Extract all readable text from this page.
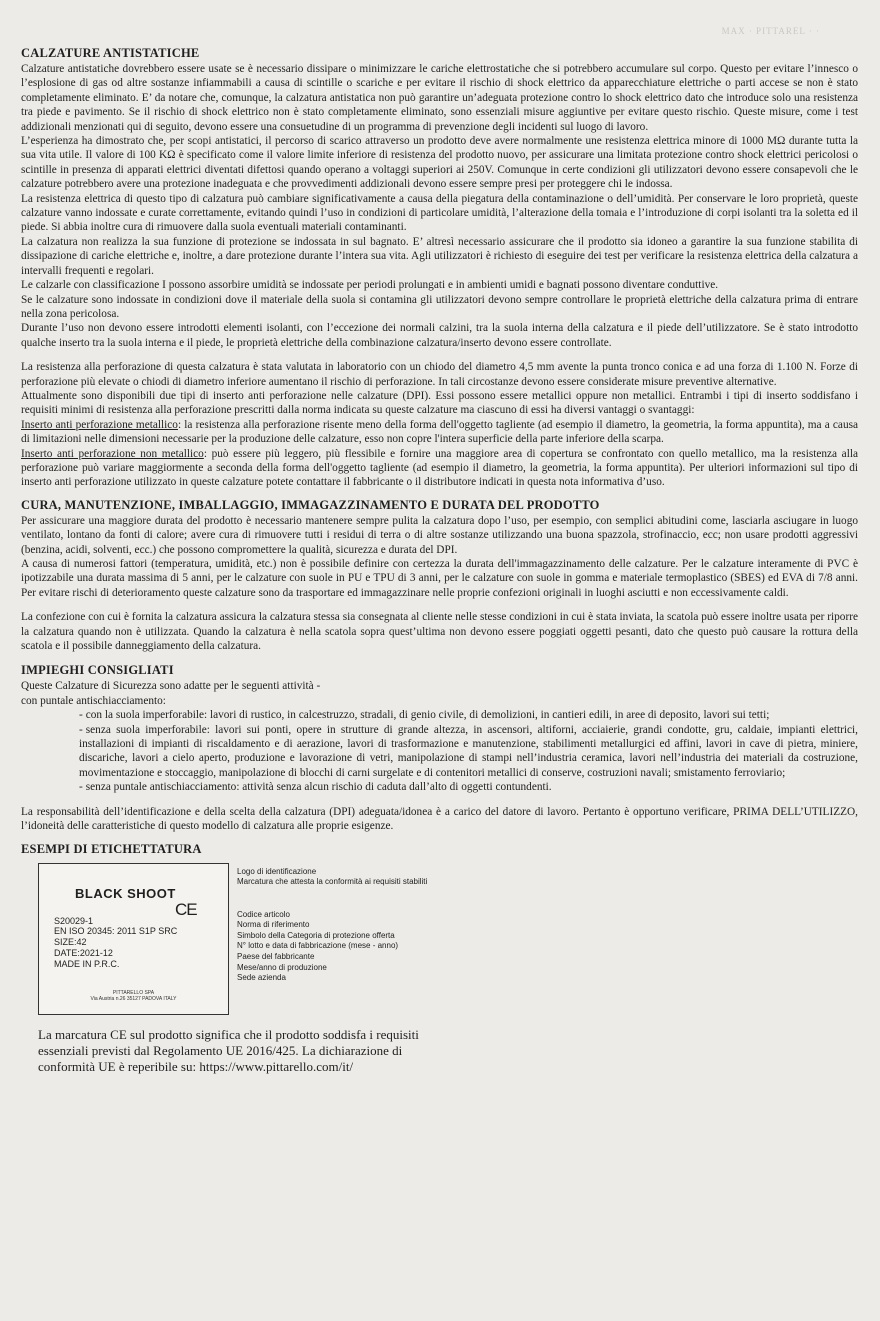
MAX · PITTAREL · ·
CALZATURE ANTISTATICHE

Calzature antistatiche dovrebbero essere usate se è necessario dissipare o minimizzare le cariche elettrostatiche che si potrebbero accumulare sul corpo. Questo per evitare l’innesco o l’esplosione di gas od altre sostanze infiammabili a causa di scintille o scariche e per evitare il rischio di shock elettrico da apparecchiature elettriche o parti accese se non è stato completamente eliminato. E’ da notare che, comunque, la calzatura antistatica non può garantire un’adeguata protezione contro lo shock elettrico dato che introduce solo una resistenza tra piede e pavimento. Se il rischio di shock elettrico non è stato completamente eliminato, sono essenziali misure aggiuntive per evitare questo rischio. Queste misure, come i test addizionali menzionati qui di seguito, devono essere una consuetudine di un programma di prevenzione degli incidenti sul luogo di lavoro.

L’esperienza ha dimostrato che, per scopi antistatici, il percorso di scarico attraverso un prodotto deve avere normalmente une resistenza elettrica minore di 1000 MΩ durante tutta la sua vita utile. Il valore di 100 KΩ è specificato come il valore limite inferiore di resistenza del prodotto nuovo, per assicurare una limitata protezione contro shock elettrici pericolosi o scintille in presenza di apparati elettrici diventati difettosi quando operano a voltaggi superiori ai 250V. Comunque in certe condizioni gli utilizzatori devono essere consapevoli che le calzature potrebbero avere una protezione inadeguata e che provvedimenti addizionali devono essere sempre presi per proteggere chi le indossa.

La resistenza elettrica di questo tipo di calzatura può cambiare significativamente a causa della piegatura della contaminazione o dell’umidità. Per conservare le loro proprietà, queste calzature vanno indossate e curate correttamente, evitando quindi l’uso in condizioni di particolare umidità, l’alterazione della tomaia e l’introduzione di corpi isolanti tra la soletta ed il piede. Si abbia inoltre cura di rimuovere dalla suola eventuali materiali contaminanti.

La calzatura non realizza la sua funzione di protezione se indossata in sul bagnato. E’ altresì necessario assicurare che il prodotto sia idoneo a garantire la sua funzione stabilita di dissipazione di cariche elettriche e, inoltre, a dare protezione durante l’intera sua vita. Agli utilizzatori è richiesto di eseguire dei test per verificare la resistenza elettrica della calzatura a intervalli frequenti e regolari.

Le calzarle con classificazione I possono assorbire umidità se indossate per periodi prolungati e in ambienti umidi e bagnati possono diventare conduttive.

Se le calzature sono indossate in condizioni dove il materiale della suola si contamina gli utilizzatori devono sempre controllare le proprietà elettriche della calzatura prima di entrare nella zona pericolosa.

Durante l’uso non devono essere introdotti elementi isolanti, con l’eccezione dei normali calzini, tra la suola interna della calzatura e il piede dell’utilizzatore. Se è stato introdotto qualche inserto tra la suola interna e il piede, le proprietà elettriche della combinazione calzatura/inserto devono essere controllate.

La resistenza alla perforazione di questa calzatura è stata valutata in laboratorio con un chiodo del diametro 4,5 mm avente la punta tronco conica e ad una forza di 1.100 N. Forze di perforazione più elevate o chiodi di diametro inferiore aumentano il rischio di perforazione. In tali circostanze devono essere considerate misure preventive alternative.

Attualmente sono disponibili due tipi di inserto anti perforazione nelle calzature (DPI). Essi possono essere metallici oppure non metallici. Entrambi i tipi di inserto soddisfano i requisiti minimi di resistenza alla perforazione prescritti dalla norma indicata su queste calzature ma ciascuno di essi ha diversi vantaggi o svantaggi:

Inserto anti perforazione metallico: la resistenza alla perforazione risente meno della forma dell'oggetto tagliente (ad esempio il diametro, la geometria, la forma appuntita), ma a causa di limitazioni nelle dimensioni necessarie per la produzione delle calzature, esso non copre l'intera superficie della parte inferiore della scarpa.

Inserto anti perforazione non metallico: può essere più leggero, più flessibile e fornire una maggiore area di copertura se confrontato con quello metallico, ma la resistenza alla perforazione può variare maggiormente a seconda della forma dell'oggetto tagliente (ad esempio il diametro, la geometria, la forma appuntita). Per ulteriori informazioni sul tipo di inserto anti perforazione utilizzato in queste calzature potete contattare il fabbricante o il distributore indicati in questa nota informativa d’uso.

CURA, MANUTENZIONE, IMBALLAGGIO, IMMAGAZZINAMENTO E DURATA DEL PRODOTTO

Per assicurare una maggiore durata del prodotto è necessario mantenere sempre pulita la calzatura dopo l’uso, per esempio, con semplici abitudini come, lasciarla asciugare in luogo ventilato, lontano da fonti di calore; avere cura di rimuovere tutti i residui di terra o di altre sostanze utilizzando una buona spazzola, strofinaccio, ecc; non usare prodotti aggressivi (benzina, acidi, solventi, ecc.) che possono compromettere la qualità, sicurezza e durata del DPI.

A causa di numerosi fattori (temperatura, umidità, etc.) non è possibile definire con certezza la durata dell'immagazzinamento delle calzature. Per le calzature interamente di PVC è ipotizzabile una durata massima di 5 anni, per le calzature con suole in PU e TPU di 3 anni, per le calzature con suole in gomma e materiale termoplastico (SBES) ed EVA di 7/8 anni. Per evitare rischi di deterioramento queste calzature sono da trasportare ed immagazzinare nelle proprie confezioni originali in luoghi asciutti e non eccessivamente caldi.

La confezione con cui è fornita la calzatura assicura la calzatura stessa sia consegnata al cliente nelle stesse condizioni in cui è stata inviata, la scatola può essere inoltre usata per riporre la calzatura quando non è utilizzata. Quando la calzatura è nella scatola sopra quest’ultima non devono essere poggiati oggetti pesanti, dato che questo può causare la rottura della scatola e il possibile danneggiamento della calzatura.

IMPIEGHI CONSIGLIATI

Queste Calzature di Sicurezza sono adatte per le seguenti attività -

con puntale antischiacciamento:

- con la suola imperforabile: lavori di rustico, in calcestruzzo, stradali, di genio civile, di demolizioni, in cantieri edili, in aree di deposito, lavori sui tetti;
- senza suola imperforabile: lavori sui ponti, opere in strutture di grande altezza, in ascensori, altiforni, acciaierie, grandi condotte, gru, caldaie, impianti elettrici, installazioni di impianti di riscaldamento e di aerazione, lavori di trasformazione e manutenzione, stabilimenti metallurgici ed affini, lavori in cave di pietra, miniere, discariche, lavori a cielo aperto, produzione e lavorazione di vetri, manipolazione di stampi nell’industria ceramica, lavori nell’industria dei materiali da costruzione, movimentazione e stoccaggio, manipolazione di blocchi di carni surgelate e di contenitori metallici di conserve, costruzioni navali; smistamento ferroviario;
- senza puntale antischiacciamento: attività senza alcun rischio di caduta dall’alto di oggetti contundenti.

La responsabilità dell’identificazione e della scelta della calzatura (DPI) adeguata/idonea è a carico del datore di lavoro. Pertanto è opportuno verificare, PRIMA DELL’UTILIZZO, l’idoneità delle caratteristiche di questo modello di calzatura alle proprie esigenze.

ESEMPI DI ETICHETTATURA
BLACK SHOOT
CE
S20029-1
EN ISO 20345: 2011 S1P SRC
SIZE:42
DATE:2021-12
MADE IN P.R.C.
PITTARELLO SPA
Via Austria n.26 35127 PADOVA ITALY
Logo di identificazione
Marcatura che attesta la conformità ai requisiti stabiliti
Codice articolo
Norma di riferimento
Simbolo della Categoria di protezione offerta
N° lotto e data di fabbricazione (mese - anno)
Paese del fabbricante
Mese/anno di produzione
Sede azienda
La marcatura CE sul prodotto significa che il prodotto soddisfa i requisiti
essenziali previsti dal Regolamento UE 2016/425. La dichiarazione di
conformità UE è reperibile su: https://www.pittarello.com/it/
